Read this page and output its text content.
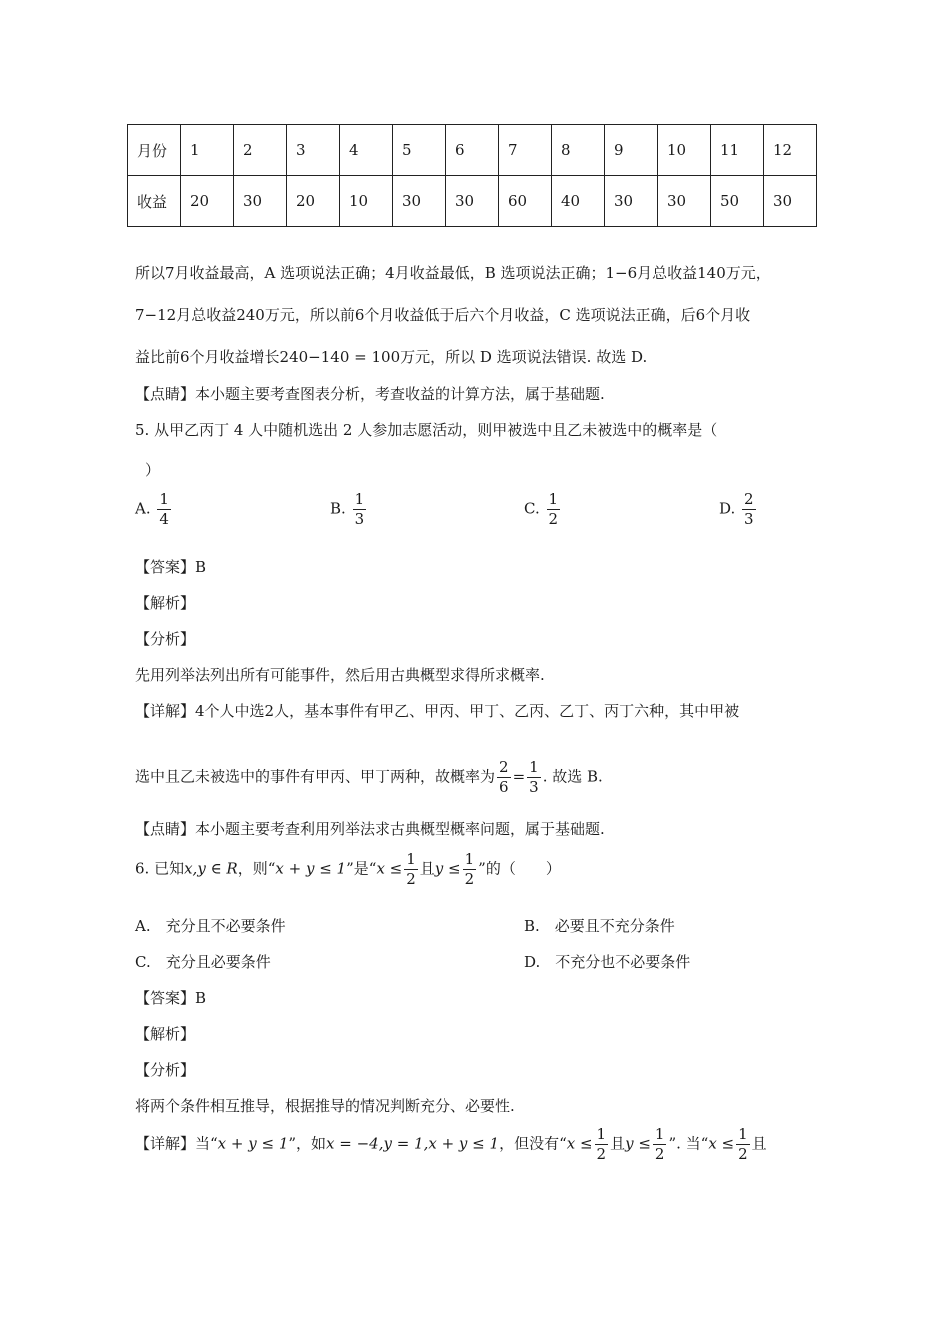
月份	1	2	3	4	5	6	7	8	9	10	11	12
收益	20	30	20	10	30	30	60	40	30	30	50	30
所以7月收益最高，A 选项说法正确；4月收益最低，B 选项说法正确；1−6月总收益140万元，
7−12月总收益240万元，所以前6个月收益低于后六个月收益，C 选项说法正确，后6个月收
益比前6个月收益增长240−140 = 100万元，所以 D 选项说法错误. 故选 D.
【点睛】本小题主要考查图表分析，考查收益的计算方法，属于基础题.
5. 从甲乙丙丁 4 人中随机选出 2 人参加志愿活动，则甲被选中且乙未被选中的概率是（
）
A. $\frac{1}{4}$	B. $\frac{1}{3}$	C. $\frac{1}{2}$	D. $\frac{2}{3}$
【答案】B
【解析】
【分析】
先用列举法列出所有可能事件，然后用古典概型求得所求概率.
【详解】4个人中选2人，基本事件有甲乙、甲丙、甲丁、乙丙、乙丁、丙丁六种，其中甲被
选中且乙未被选中的事件有甲丙、甲丁两种，故概率为 $\frac{2}{6} = \frac{1}{3}$ . 故选 B.
【点睛】本小题主要考查利用列举法求古典概型概率问题，属于基础题.
6. 已知x,y ∈ R，则“x + y ≤ 1”是“$x \le \frac{1}{2}$ 且$y \le \frac{1}{2}$ ”的（　　）
A.　充分且不必要条件	B.　必要且不充分条件
C.　充分且必要条件	D.　不充分也不必要条件
【答案】B
【解析】
【分析】
将两个条件相互推导，根据推导的情况判断充分、必要性.
【详解】当“x + y ≤ 1”，如x = −4,y = 1,x + y ≤ 1，但没有“$x \le \frac{1}{2}$ 且$y \le \frac{1}{2}$ ”. 当“$x \le \frac{1}{2}$ 且
